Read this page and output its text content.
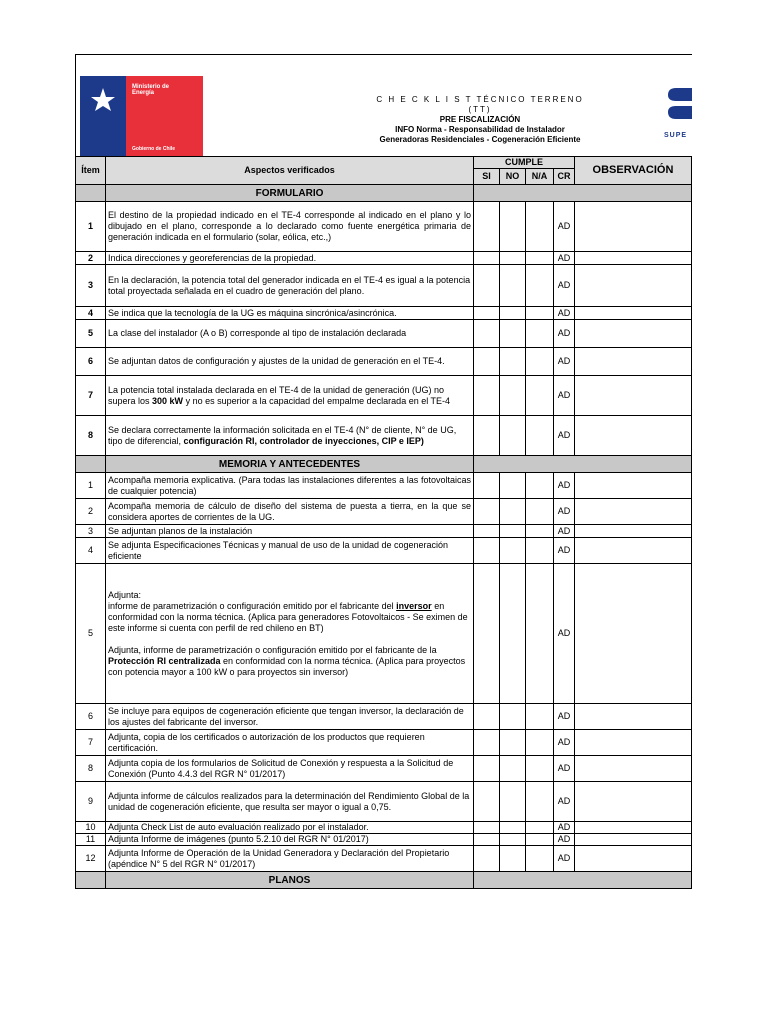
Ministerio de Energía
Gobierno de Chile
C H E C K L I S T TÉCNICO TERRENO (TT)
PRE FISCALIZACIÓN
INFO Norma - Responsabilidad de Instalador
Generadoras Residenciales - Cogeneración Eficiente	SUPE
Ítem	Aspectos verificados	CUMPLE				OBSERVACIÓN
		SI	NO	N/A	CR	
	FORMULARIO					
1	El destino de la propiedad indicado en el TE-4 corresponde al indicado en el plano y lo dibujado en el plano, corresponde a lo declarado como fuente energética primaria de generación indicada en el formulario (solar, eólica, etc.,)				AD	
2	Indica direcciones y georeferencias de la propiedad.				AD	
3	En la declaración, la potencia total del generador indicada en el TE-4 es igual a la potencia total proyectada señalada en el cuadro de generación del plano.				AD	
4	Se indica que la tecnología de la UG es máquina sincrónica/asincrónica.				AD	
5	La clase del instalador (A o B) corresponde al tipo de instalación declarada				AD	
6	Se adjuntan datos de configuración y ajustes de la unidad de generación en el TE-4.				AD	
7	La potencia total instalada declarada en el TE-4 de la unidad de generación (UG) no supera los 300 kW y no es superior a la capacidad del empalme declarada en el TE-4				AD	
8	Se declara correctamente la información solicitada en el TE-4 (N° de cliente, N° de UG, tipo de diferencial, configuración RI, controlador de inyecciones, CIP e IEP)				AD	
	MEMORIA Y ANTECEDENTES					
1	Acompaña memoria explicativa. (Para todas las instalaciones diferentes a las fotovoltaicas de cualquier potencia)				AD	
2	Acompaña memoria de cálculo de diseño del sistema de puesta a tierra, en la que se considera aportes de corrientes de la UG.				AD	
3	Se adjuntan planos de la instalación				AD	
4	Se adjunta Especificaciones Técnicas y manual de uso de la unidad de cogeneración eficiente				AD	
5	Adjunta:
informe de parametrización o configuración emitido por el fabricante del inversor en conformidad con la norma técnica. (Aplica para generadores Fotovoltaicos - Se eximen de este informe si cuenta con perfil de red chileno en BT)
Adjunta, informe de parametrización o configuración emitido por el fabricante de la Protección RI centralizada en conformidad con la norma técnica. (Aplica para proyectos con potencia mayor a 100 kW o para proyectos sin inversor)				AD	
6	Se incluye para equipos de cogeneración eficiente que tengan inversor, la declaración de los ajustes del fabricante del inversor.				AD	
7	Adjunta, copia de los certificados o autorización de los productos que requieren certificación.				AD	
8	Adjunta copia de los formularios de Solicitud de Conexión y respuesta a la Solicitud de Conexión (Punto 4.4.3 del RGR N° 01/2017)				AD	
9	Adjunta informe de cálculos realizados para la determinación del Rendimiento Global de la unidad de cogeneración eficiente, que resulta ser mayor o igual a 0,75.				AD	
10	Adjunta Check List de auto evaluación realizado por el instalador.				AD	
11	Adjunta Informe de imágenes (punto 5.2.10 del RGR N° 01/2017)				AD	
12	Adjunta Informe de Operación de la Unidad Generadora y Declaración del Propietario (apéndice N° 5 del RGR N° 01/2017)				AD	
	PLANOS					
